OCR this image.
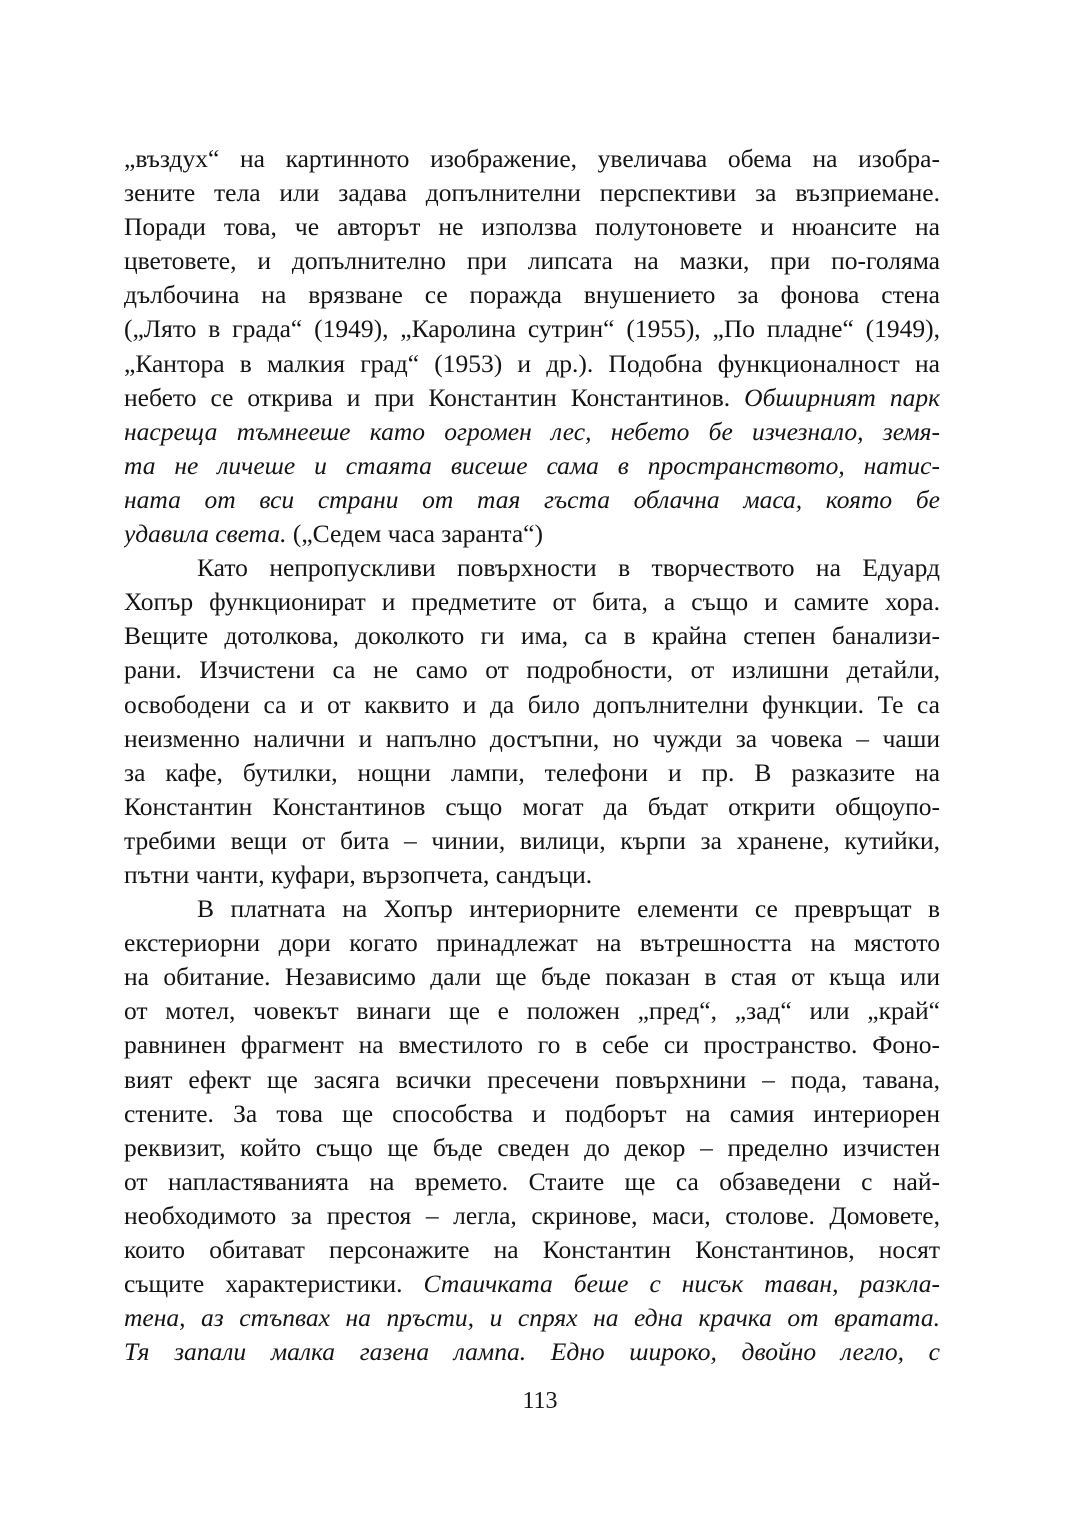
„въздух“ на картинното изображение, увеличава обема на изобра-
зените тела или задава допълнителни перспективи за възприемане.
Поради това, че авторът не използва полутоновете и нюансите на
цветовете, и допълнително при липсата на мазки, при по-голяма
дълбочина на врязване се поражда внушението за фонова стена
(„Лято в града“ (1949), „Каролина сутрин“ (1955), „По пладне“ (1949),
„Кантора в малкия град“ (1953) и др.). Подобна функционалност на
небето се открива и при Константин Константинов. Обширният парк
насреща тъмнееше като огромен лес, небето бе изчезнало, земя-
та не личеше и стаята висеше сама в пространството, натис-
ната от вси страни от тая гъста облачна маса, която бе
удавила света. („Седем часа заранта“)
Като непропускливи повърхности в творчеството на Едуард
Хопър функционират и предметите от бита, а също и самите хора.
Вещите дотолкова, доколкото ги има, са в крайна степен банализи-
рани. Изчистени са не само от подробности, от излишни детайли,
освободени са и от каквито и да било допълнителни функции. Те са
неизменно налични и напълно достъпни, но чужди за човека – чаши
за кафе, бутилки, нощни лампи, телефони и пр. В разказите на
Константин Константинов също могат да бъдат открити общоупо-
требими вещи от бита – чинии, вилици, кърпи за хранене, кутийки,
пътни чанти, куфари, вързопчета, сандъци.
В платната на Хопър интериорните елементи се превръщат в
екстериорни дори когато принадлежат на вътрешността на мястото
на обитание. Независимо дали ще бъде показан в стая от къща или
от мотел, човекът винаги ще е положен „пред“, „зад“ или „край“
равнинен фрагмент на вместилото го в себе си пространство. Фоно-
вият ефект ще засяга всички пресечени повърхнини – пода, тавана,
стените. За това ще способства и подборът на самия интериорен
реквизит, който също ще бъде сведен до декор – пределно изчистен
от напластяванията на времето. Стаите ще са обзаведени с най-
необходимото за престоя – легла, скринове, маси, столове. Домовете,
които обитават персонажите на Константин Константинов, носят
същите характеристики. Стаичката беше с нисък таван, разкла-
тена, аз стъпвах на пръсти, и спрях на една крачка от вратата.
Тя запали малка газена лампа. Едно широко, двойно легло, с
113
